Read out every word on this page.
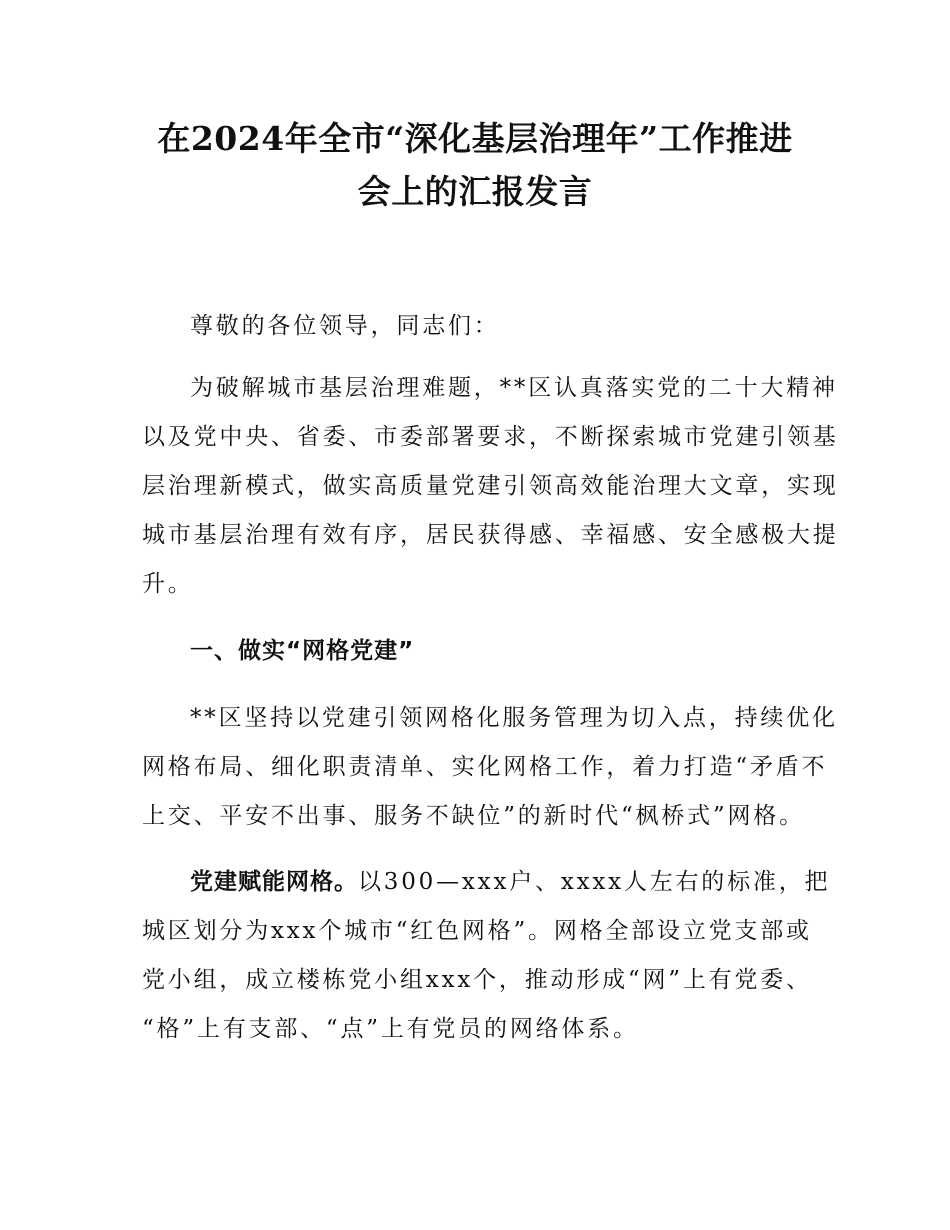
在2024年全市“深化基层治理年”工作推进
会上的汇报发言

尊敬的各位领导，同志们：

为破解城市基层治理难题，**区认真落实党的二十大精神
以及党中央、省委、市委部署要求，不断探索城市党建引领基
层治理新模式，做实高质量党建引领高效能治理大文章，实现
城市基层治理有效有序，居民获得感、幸福感、安全感极大提
升。
一、做实“网格党建”
**区坚持以党建引领网格化服务管理为切入点，持续优化
网格布局、细化职责清单、实化网格工作，着力打造“矛盾不
上交、平安不出事、服务不缺位”的新时代“枫桥式”网格。
党建赋能网格。以300—xxx户、xxxx人左右的标准，把
城区划分为xxx个城市“红色网格”。网格全部设立党支部或
党小组，成立楼栋党小组xxx个，推动形成“网”上有党委、
“格”上有支部、“点”上有党员的网络体系。
